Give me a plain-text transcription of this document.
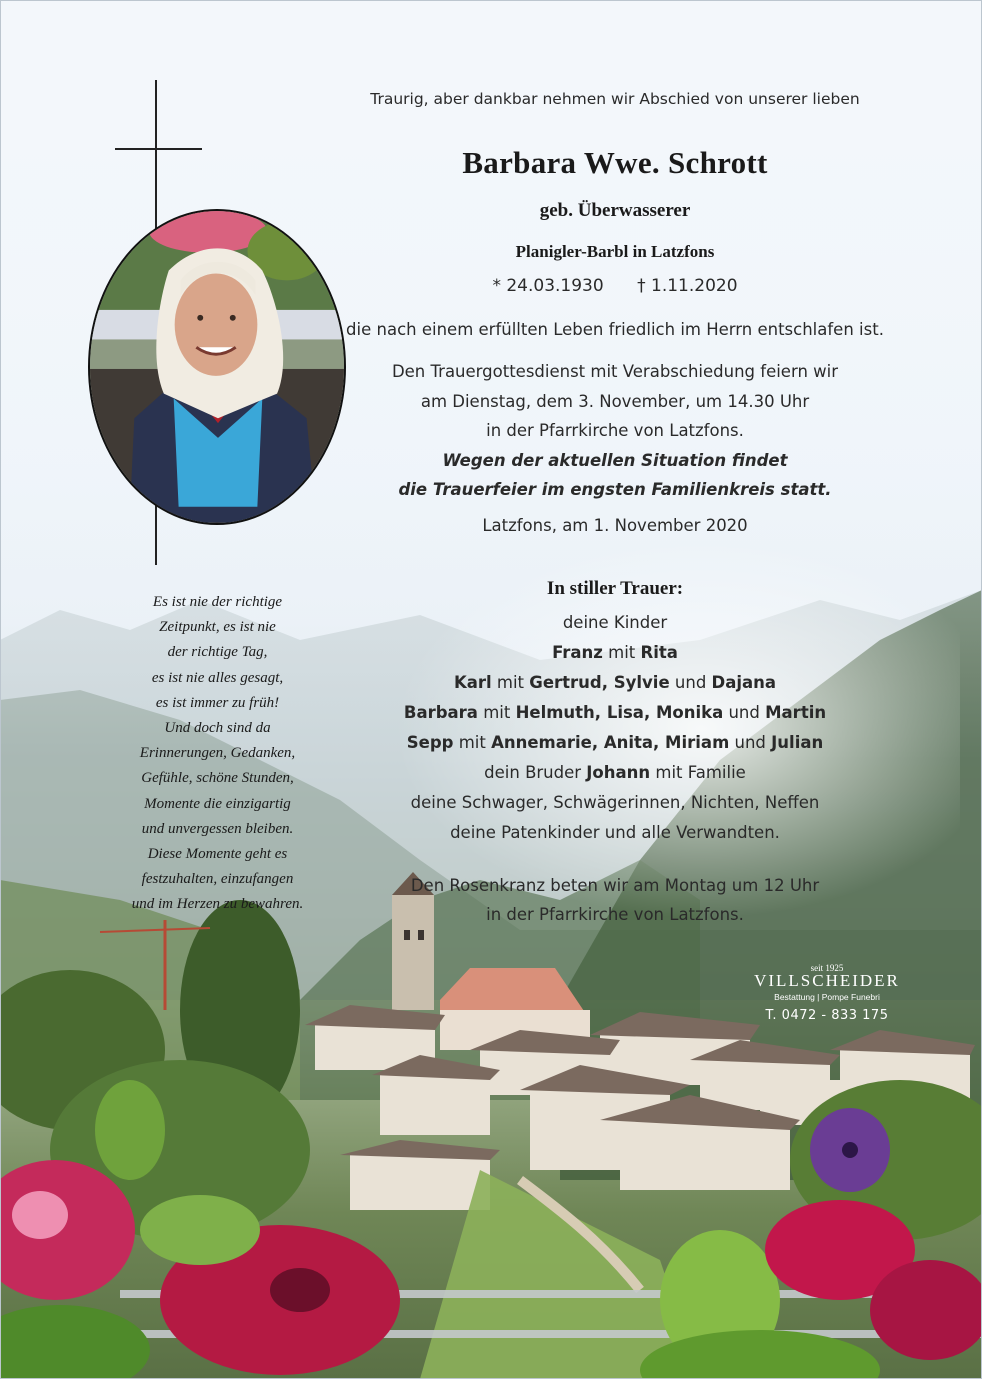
Traurig, aber dankbar nehmen wir Abschied von unserer lieben
Barbara Wwe. Schrott
geb. Überwasserer
Planigler-Barbl in Latzfons
* 24.03.1930 † 1.11.2020
die nach einem erfüllten Leben friedlich im Herrn entschlafen ist.
Den Trauergottesdienst mit Verabschiedung feiern wir
am Dienstag, dem 3. November, um 14.30 Uhr
in der Pfarrkirche von Latzfons.
Wegen der aktuellen Situation findet
die Trauerfeier im engsten Familienkreis statt.
Latzfons, am 1. November 2020
In stiller Trauer:
deine Kinder
Franz mit Rita
Karl mit Gertrud, Sylvie und Dajana
Barbara mit Helmuth, Lisa, Monika und Martin
Sepp mit Annemarie, Anita, Miriam und Julian
dein Bruder Johann mit Familie
deine Schwager, Schwägerinnen, Nichten, Neffen
deine Patenkinder und alle Verwandten.
Den Rosenkranz beten wir am Montag um 12 Uhr
in der Pfarrkirche von Latzfons.
Es ist nie der richtige
Zeitpunkt, es ist nie
der richtige Tag,
es ist nie alles gesagt,
es ist immer zu früh!
Und doch sind da
Erinnerungen, Gedanken,
Gefühle, schöne Stunden,
Momente die einzigartig
und unvergessen bleiben.
Diese Momente geht es
festzuhalten, einzufangen
und im Herzen zu bewahren.
seit 1925
VILLSCHEIDER
Bestattung | Pompe Funebri
T. 0472 - 833 175
